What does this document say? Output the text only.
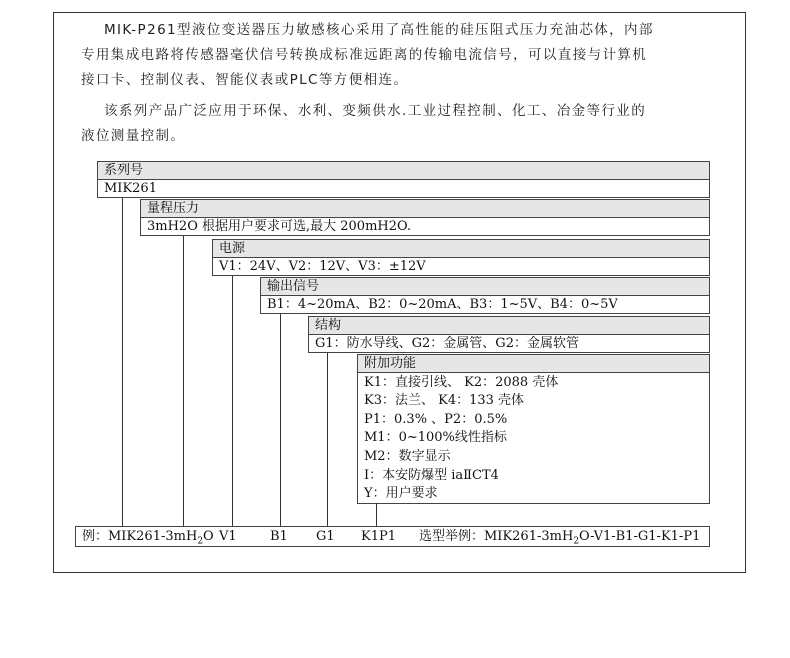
MIK-P261型液位变送器压力敏感核心采用了高性能的硅压阻式压力充油芯体，内部
专用集成电路将传感器毫伏信号转换成标准远距离的传输电流信号，可以直接与计算机
接口卡、控制仪表、智能仪表或PLC等方便相连。
该系列产品广泛应用于环保、水利、变频供水.工业过程控制、化工、冶金等行业的
液位测量控制。
系列号
MIK261
量程压力
3mH2O 根据用户要求可选,最大 200mH2O.
电源
V1：24V、V2：12V、V3：±12V
输出信号
B1：4~20mA、B2：0~20mA、B3：1~5V、B4：0~5V
结构
G1：防水导线、G2：金属管、G2：金属软管
附加功能
K1：直接引线、 K2：2088 壳体
K3：法兰、 K4：133 壳体
P1：0.3% 、P2：0.5%
M1：0~100%线性指标
M2：数字显示
I：本安防爆型 iaⅡCT4
Y：用户要求
例：$MIK261-3mH_2O$ V1	B1 G1 K1P1 选型举例：$MIK261-3mH_2O-V1-B1-G1-K1-P1$
